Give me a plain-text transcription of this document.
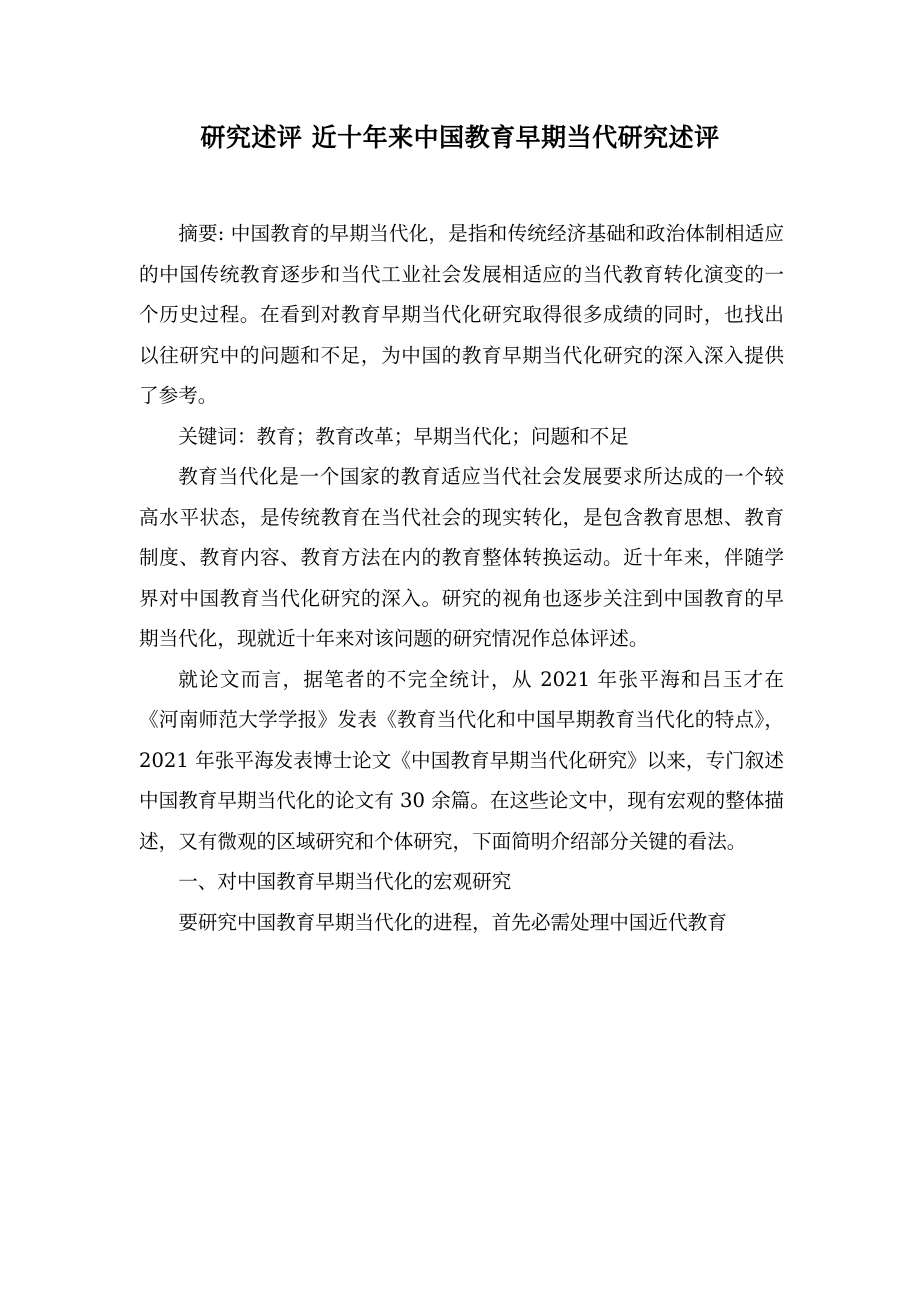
研究述评 近十年来中国教育早期当代研究述评

摘要: 中国教育的早期当代化，是指和传统经济基础和政治体制相适应的中国传统教育逐步和当代工业社会发展相适应的当代教育转化演变的一个历史过程。在看到对教育早期当代化研究取得很多成绩的同时，也找出以往研究中的问题和不足，为中国的教育早期当代化研究的深入深入提供了参考。

关键词：教育；教育改革；早期当代化；问题和不足

教育当代化是一个国家的教育适应当代社会发展要求所达成的一个较高水平状态，是传统教育在当代社会的现实转化，是包含教育思想、教育制度、教育内容、教育方法在内的教育整体转换运动。近十年来，伴随学界对中国教育当代化研究的深入。研究的视角也逐步关注到中国教育的早期当代化，现就近十年来对该问题的研究情况作总体评述。

就论文而言，据笔者的不完全统计，从 2021 年张平海和吕玉才在《河南师范大学学报》发表《教育当代化和中国早期教育当代化的特点》，2021 年张平海发表博士论文《中国教育早期当代化研究》以来，专门叙述中国教育早期当代化的论文有 30 余篇。在这些论文中，现有宏观的整体描述，又有微观的区域研究和个体研究，下面简明介绍部分关键的看法。

一、对中国教育早期当代化的宏观研究

要研究中国教育早期当代化的进程，首先必需处理中国近代教育
